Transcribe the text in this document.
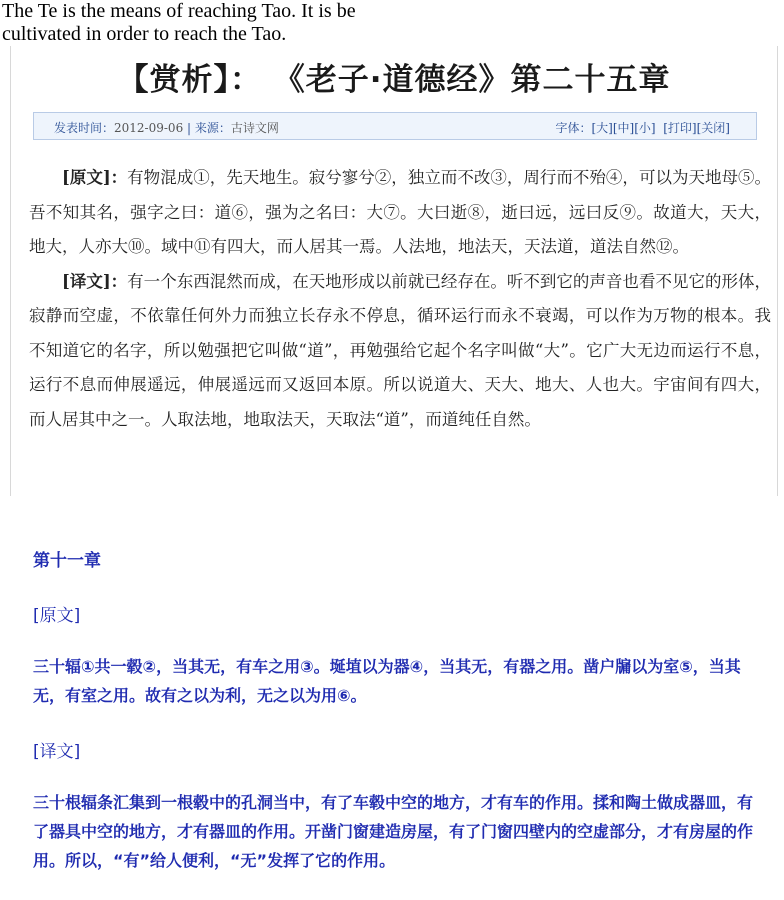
The Te is the means of reaching Tao. It is be cultivated in order to reach the Tao.
【赏析】： 《老子·道德经》第二十五章
发表时间：2012-09-06 | 来源：古诗文网	字体：[大][中][小] [打印][关闭]

[原文]：有物混成①，先天地生。寂兮寥兮②，独立而不改③，周行而不殆④，可以为天地母⑤。吾不知其名，强字之曰：道⑥，强为之名曰：大⑦。大曰逝⑧，逝曰远，远曰反⑨。故道大，天大，地大，人亦大⑩。域中⑪有四大，而人居其一焉。人法地，地法天，天法道，道法自然⑫。

[译文]：有一个东西混然而成，在天地形成以前就已经存在。听不到它的声音也看不见它的形体，寂静而空虚，不依靠任何外力而独立长存永不停息，循环运行而永不衰竭，可以作为万物的根本。我不知道它的名字，所以勉强把它叫做“道”，再勉强给它起个名字叫做“大”。它广大无边而运行不息，运行不息而伸展遥远，伸展遥远而又返回本原。所以说道大、天大、地大、人也大。宇宙间有四大，而人居其中之一。人取法地，地取法天，天取法“道”，而道纯任自然。

第十一章
[原文]
三十辐①共一毂②，当其无，有车之用③。埏埴以为器④，当其无，有器之用。凿户牖以为室⑤，当其无，有室之用。故有之以为利，无之以为用⑥。
[译文]
三十根辐条汇集到一根毂中的孔洞当中，有了车毂中空的地方，才有车的作用。揉和陶土做成器皿，有了器具中空的地方，才有器皿的作用。开凿门窗建造房屋，有了门窗四壁内的空虚部分，才有房屋的作用。所以，“有”给人便利，“无”发挥了它的作用。
